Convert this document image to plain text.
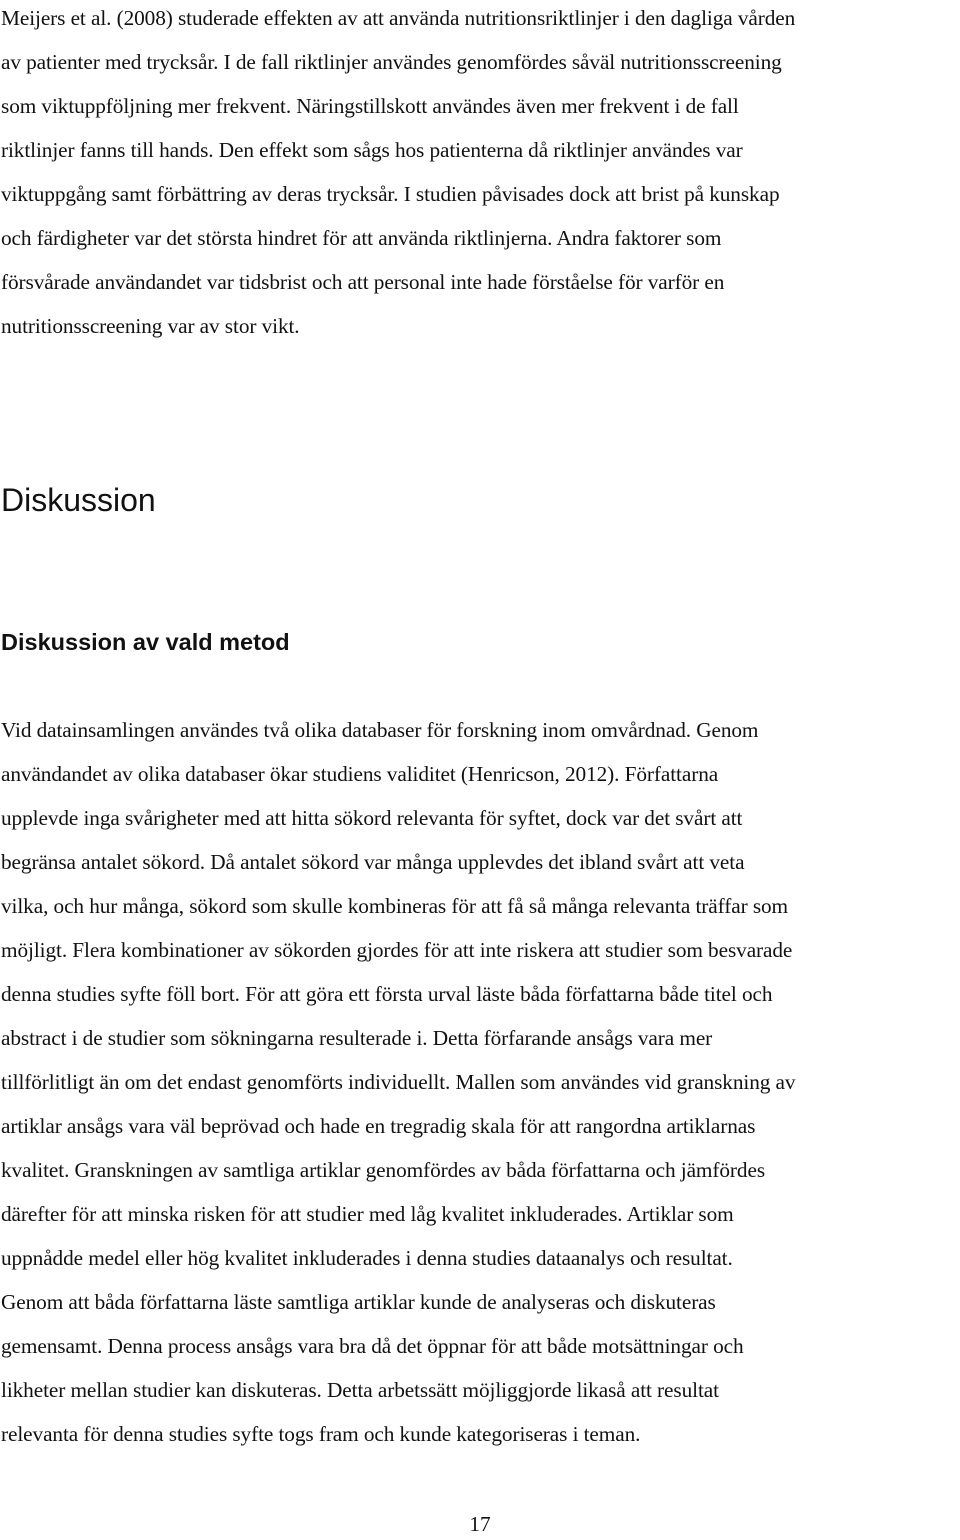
Meijers et al. (2008) studerade effekten av att använda nutritionsriktlinjer i den dagliga vården
av patienter med trycksår. I de fall riktlinjer användes genomfördes såväl nutritionsscreening
som viktuppföljning mer frekvent. Näringstillskott användes även mer frekvent i de fall
riktlinjer fanns till hands. Den effekt som sågs hos patienterna då riktlinjer användes var
viktuppgång samt förbättring av deras trycksår. I studien påvisades dock att brist på kunskap
och färdigheter var det största hindret för att använda riktlinjerna. Andra faktorer som
försvårade användandet var tidsbrist och att personal inte hade förståelse för varför en
nutritionsscreening var av stor vikt.
Diskussion
Diskussion av vald metod
Vid datainsamlingen användes två olika databaser för forskning inom omvårdnad. Genom
användandet av olika databaser ökar studiens validitet (Henricson, 2012). Författarna
upplevde inga svårigheter med att hitta sökord relevanta för syftet, dock var det svårt att
begränsa antalet sökord. Då antalet sökord var många upplevdes det ibland svårt att veta
vilka, och hur många, sökord som skulle kombineras för att få så många relevanta träffar som
möjligt. Flera kombinationer av sökorden gjordes för att inte riskera att studier som besvarade
denna studies syfte föll bort. För att göra ett första urval läste båda författarna både titel och
abstract i de studier som sökningarna resulterade i. Detta förfarande ansågs vara mer
tillförlitligt än om det endast genomförts individuellt. Mallen som användes vid granskning av
artiklar ansågs vara väl beprövad och hade en tregradig skala för att rangordna artiklarnas
kvalitet. Granskningen av samtliga artiklar genomfördes av båda författarna och jämfördes
därefter för att minska risken för att studier med låg kvalitet inkluderades. Artiklar som
uppnådde medel eller hög kvalitet inkluderades i denna studies dataanalys och resultat.
Genom att båda författarna läste samtliga artiklar kunde de analyseras och diskuteras
gemensamt. Denna process ansågs vara bra då det öppnar för att både motsättningar och
likheter mellan studier kan diskuteras. Detta arbetssätt möjliggjorde likaså att resultat
relevanta för denna studies syfte togs fram och kunde kategoriseras i teman.
17
